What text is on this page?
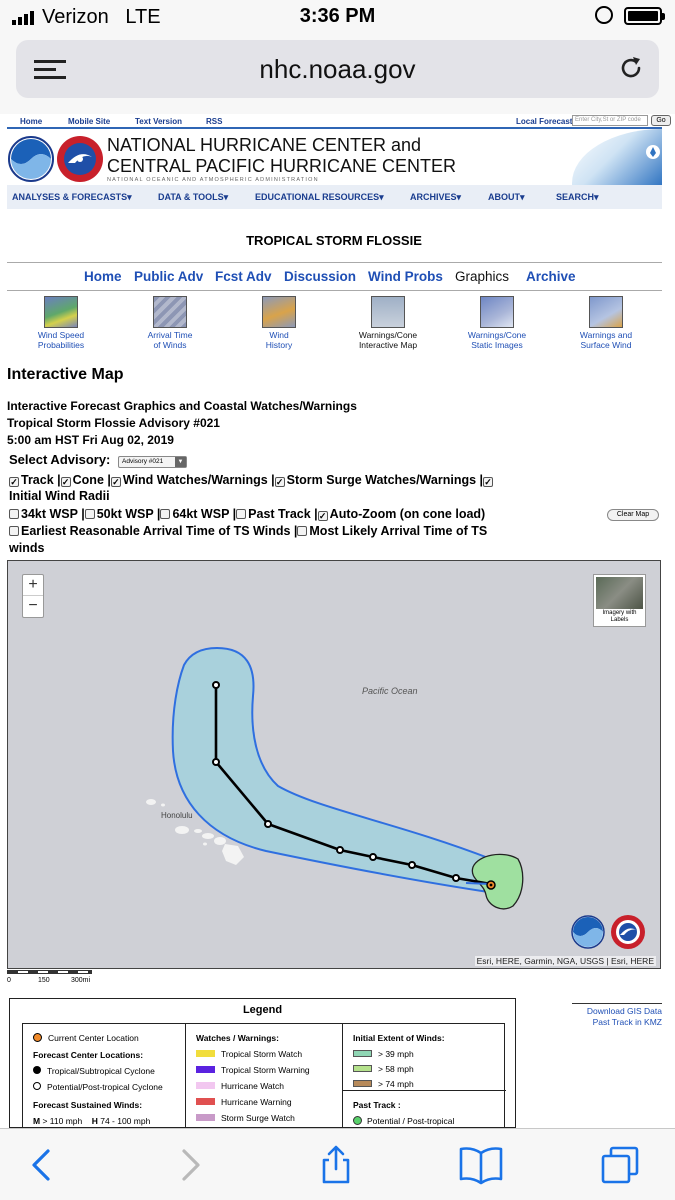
Verizon LTE	3:36 PM
nhc.noaa.gov
Home	Mobile Site	Text Version	RSS	Local Forecast Enter City,St or ZIP code	Go
NATIONAL HURRICANE CENTER and
CENTRAL PACIFIC HURRICANE CENTER
NATIONAL OCEANIC AND ATMOSPHERIC ADMINISTRATION
ANALYSES & FORECASTS▾	DATA & TOOLS▾	EDUCATIONAL RESOURCES▾	ARCHIVES▾	ABOUT▾	SEARCH▾
TROPICAL STORM FLOSSIE
Home Public Adv Fcst Adv Discussion Wind Probs Graphics Archive
Wind Speed
Probabilities
Arrival Time
of Winds
Wind
History
Warnings/Cone
Interactive Map
Warnings/Cone
Static Images
Warnings and
Surface Wind
Interactive Map
Interactive Forecast Graphics and Coastal Watches/Warnings
Tropical Storm Flossie Advisory #021
5:00 am HST Fri Aug 02, 2019
Select Advisory: Advisory #021	▼
✓ Track |✓ Cone |✓ Wind Watches/Warnings |✓ Storm Surge Watches/Warnings |✓
Initial Wind Radii
34kt WSP | 50kt WSP | 64kt WSP | Past Track |✓ Auto-Zoom (on cone load)	Clear Map
Earliest Reasonable Arrival Time of TS Winds | Most Likely Arrival Time of TS
winds
Pacific Ocean
Honolulu
+
−	Imagery with Labels
Esri, HERE, Garmin, NGA, USGS | Esri, HERE
0	150	300mi
Download GIS Data
Past Track in KMZ
Legend
Current Center Location
Forecast Center Locations:
Tropical/Subtropical Cyclone
Potential/Post-tropical Cyclone
Forecast Sustained Winds:
M > 110 mph H 74 - 100 mph
Watches / Warnings:
Tropical Storm Watch
Tropical Storm Warning
Hurricane Watch
Hurricane Warning
Storm Surge Watch
Initial Extent of Winds:
> 39 mph
> 58 mph
> 74 mph
Past Track :
Potential / Post-tropical
